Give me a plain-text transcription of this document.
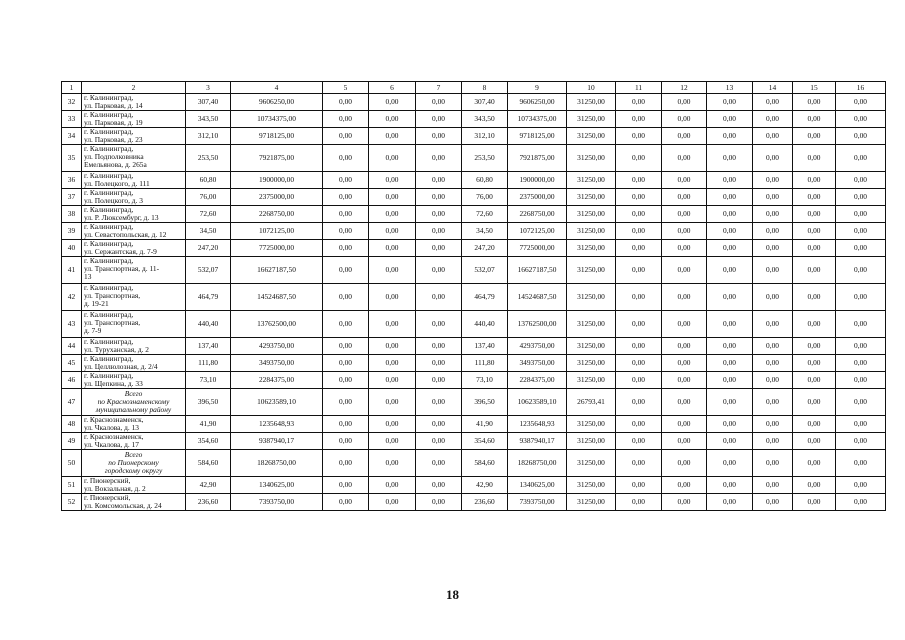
1	2	3	4	5	6	7	8	9	10	11	12	13	14	15	16
32	г. Калининград,
ул. Парковая, д. 14	307,40	9606250,00	0,00	0,00	0,00	307,40	9606250,00	31250,00	0,00	0,00	0,00	0,00	0,00	0,00
33	г. Калининград,
ул. Парковая, д. 19	343,50	10734375,00	0,00	0,00	0,00	343,50	10734375,00	31250,00	0,00	0,00	0,00	0,00	0,00	0,00
34	г. Калининград,
ул. Парковая, д. 23	312,10	9718125,00	0,00	0,00	0,00	312,10	9718125,00	31250,00	0,00	0,00	0,00	0,00	0,00	0,00
35	г. Калининград,
ул. Подполковника
Емельянова, д. 265а	253,50	7921875,00	0,00	0,00	0,00	253,50	7921875,00	31250,00	0,00	0,00	0,00	0,00	0,00	0,00
36	г. Калининград,
ул. Полецкого, д. 111	60,80	1900000,00	0,00	0,00	0,00	60,80	1900000,00	31250,00	0,00	0,00	0,00	0,00	0,00	0,00
37	г. Калининград,
ул. Полецкого, д. 3	76,00	2375000,00	0,00	0,00	0,00	76,00	2375000,00	31250,00	0,00	0,00	0,00	0,00	0,00	0,00
38	г. Калининград,
ул. Р. Люксембург, д. 13	72,60	2268750,00	0,00	0,00	0,00	72,60	2268750,00	31250,00	0,00	0,00	0,00	0,00	0,00	0,00
39	г. Калининград,
ул. Севастопольская, д. 12	34,50	1072125,00	0,00	0,00	0,00	34,50	1072125,00	31250,00	0,00	0,00	0,00	0,00	0,00	0,00
40	г. Калининград,
ул. Сержантская, д. 7-9	247,20	7725000,00	0,00	0,00	0,00	247,20	7725000,00	31250,00	0,00	0,00	0,00	0,00	0,00	0,00
41	г. Калининград,
ул. Транспортная, д. 11-
13	532,07	16627187,50	0,00	0,00	0,00	532,07	16627187,50	31250,00	0,00	0,00	0,00	0,00	0,00	0,00
42	г. Калининград,
ул. Транспортная,
д. 19-21	464,79	14524687,50	0,00	0,00	0,00	464,79	14524687,50	31250,00	0,00	0,00	0,00	0,00	0,00	0,00
43	г. Калининград,
ул. Транспортная,
д. 7-9	440,40	13762500,00	0,00	0,00	0,00	440,40	13762500,00	31250,00	0,00	0,00	0,00	0,00	0,00	0,00
44	г. Калининград,
ул. Туруханская, д. 2	137,40	4293750,00	0,00	0,00	0,00	137,40	4293750,00	31250,00	0,00	0,00	0,00	0,00	0,00	0,00
45	г. Калининград,
ул. Целлюлозная, д. 2/4	111,80	3493750,00	0,00	0,00	0,00	111,80	3493750,00	31250,00	0,00	0,00	0,00	0,00	0,00	0,00
46	г. Калининград,
ул. Щепкина, д. 33	73,10	2284375,00	0,00	0,00	0,00	73,10	2284375,00	31250,00	0,00	0,00	0,00	0,00	0,00	0,00
47	Всего
по Краснознаменскому
муниципальному району	396,50	10623589,10	0,00	0,00	0,00	396,50	10623589,10	26793,41	0,00	0,00	0,00	0,00	0,00	0,00
48	г. Краснознаменск,
ул. Чкалова, д. 13	41,90	1235648,93	0,00	0,00	0,00	41,90	1235648,93	31250,00	0,00	0,00	0,00	0,00	0,00	0,00
49	г. Краснознаменск,
ул. Чкалова, д. 17	354,60	9387940,17	0,00	0,00	0,00	354,60	9387940,17	31250,00	0,00	0,00	0,00	0,00	0,00	0,00
50	Всего
по Пионерскому
городскому округу	584,60	18268750,00	0,00	0,00	0,00	584,60	18268750,00	31250,00	0,00	0,00	0,00	0,00	0,00	0,00
51	г. Пионерский,
ул. Вокзальная, д. 2	42,90	1340625,00	0,00	0,00	0,00	42,90	1340625,00	31250,00	0,00	0,00	0,00	0,00	0,00	0,00
52	г. Пионерский,
ул. Комсомольская, д. 24	236,60	7393750,00	0,00	0,00	0,00	236,60	7393750,00	31250,00	0,00	0,00	0,00	0,00	0,00	0,00
18
